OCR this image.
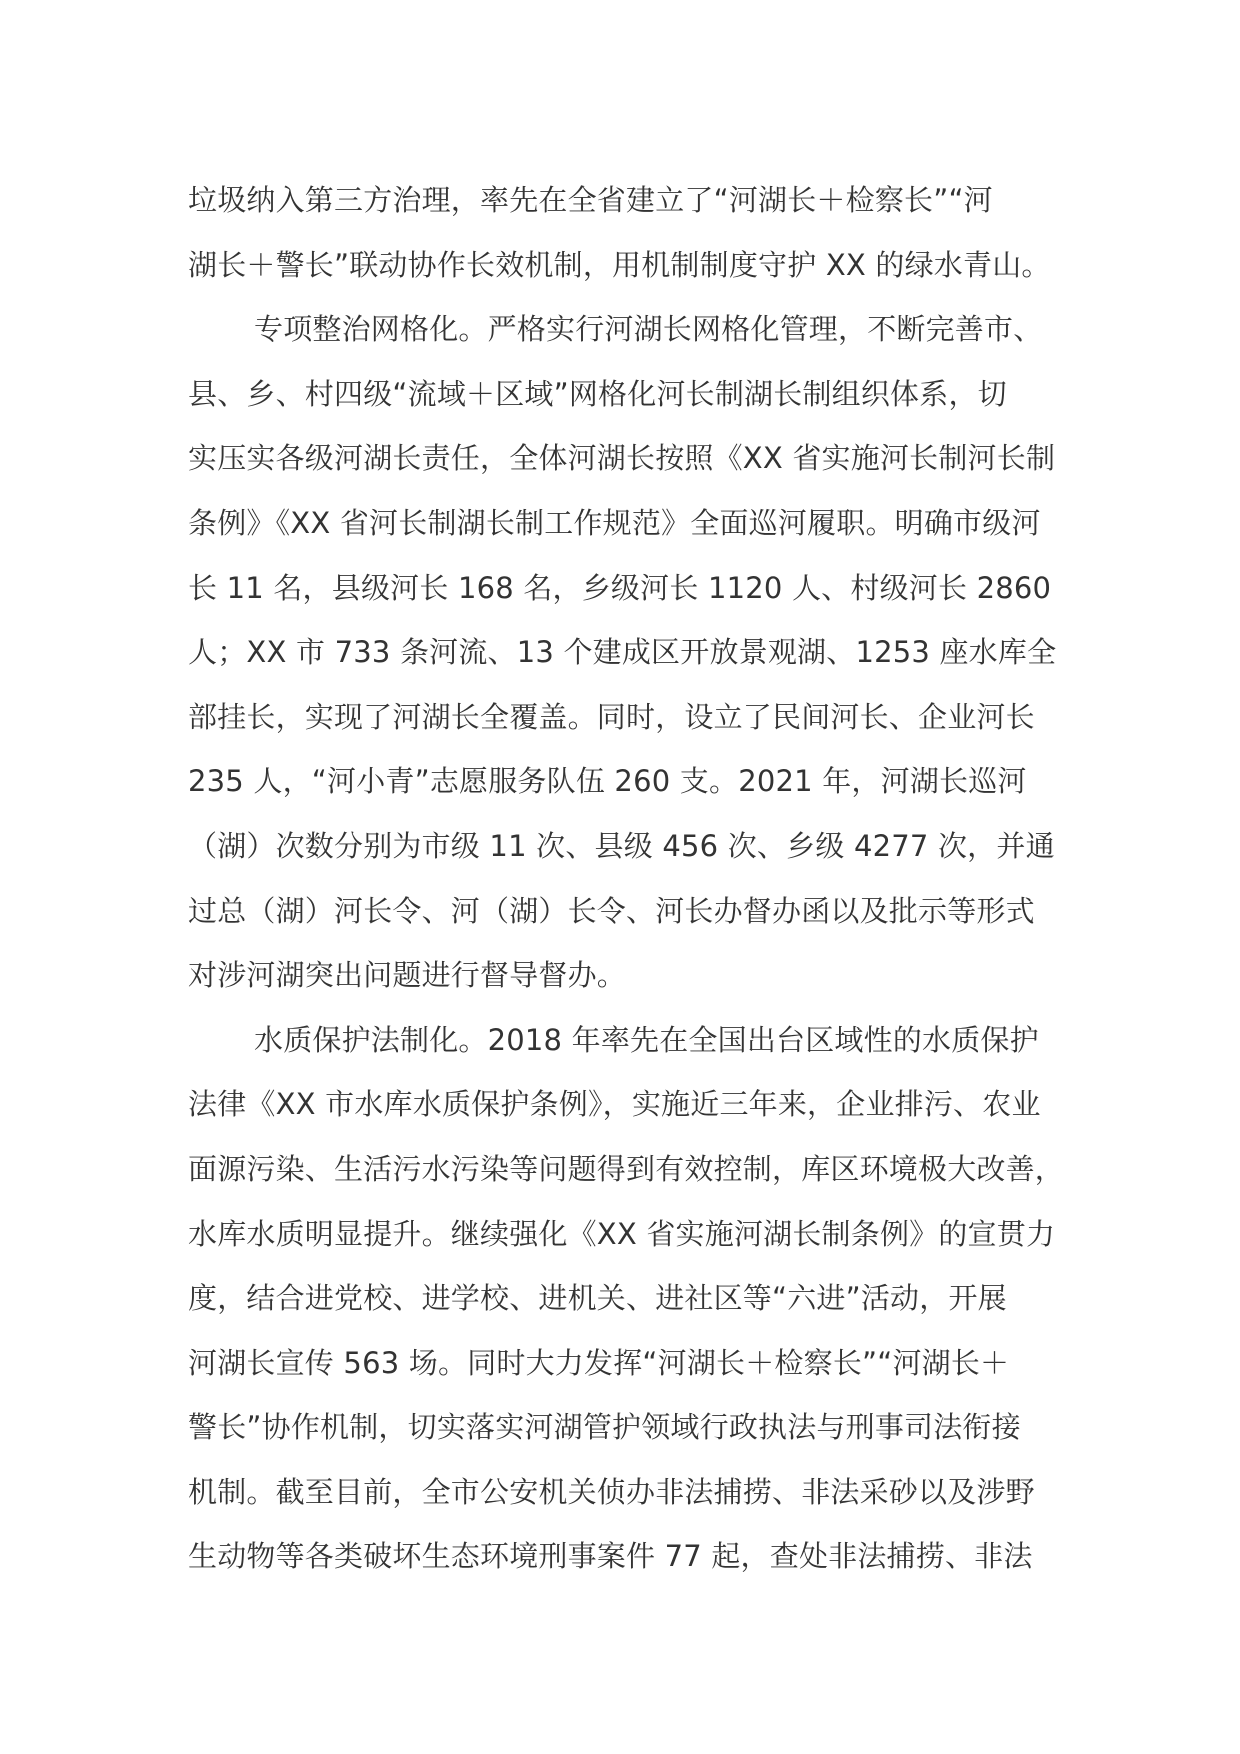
垃圾纳入第三方治理，率先在全省建立了“河湖长＋检察长”“河
湖长＋警长”联动协作长效机制，用机制制度守护 XX 的绿水青山。
专项整治网格化。严格实行河湖长网格化管理，不断完善市、
县、乡、村四级“流域＋区域”网格化河长制湖长制组织体系，切
实压实各级河湖长责任，全体河湖长按照《XX 省实施河长制河长制
条例》《XX 省河长制湖长制工作规范》全面巡河履职。明确市级河
长 11 名，县级河长 168 名，乡级河长 1120 人、村级河长 2860
人；XX 市 733 条河流、13 个建成区开放景观湖、1253 座水库全
部挂长，实现了河湖长全覆盖。同时，设立了民间河长、企业河长
235 人，“河小青”志愿服务队伍 260 支。2021 年，河湖长巡河
（湖）次数分别为市级 11 次、县级 456 次、乡级 4277 次，并通
过总（湖）河长令、河（湖）长令、河长办督办函以及批示等形式
对涉河湖突出问题进行督导督办。
水质保护法制化。2018 年率先在全国出台区域性的水质保护
法律《XX 市水库水质保护条例》，实施近三年来，企业排污、农业
面源污染、生活污水污染等问题得到有效控制，库区环境极大改善，
水库水质明显提升。继续强化《XX 省实施河湖长制条例》的宣贯力
度，结合进党校、进学校、进机关、进社区等“六进”活动，开展
河湖长宣传 563 场。同时大力发挥“河湖长＋检察长”“河湖长＋
警长”协作机制，切实落实河湖管护领域行政执法与刑事司法衔接
机制。截至目前，全市公安机关侦办非法捕捞、非法采砂以及涉野
生动物等各类破坏生态环境刑事案件 77 起，查处非法捕捞、非法
